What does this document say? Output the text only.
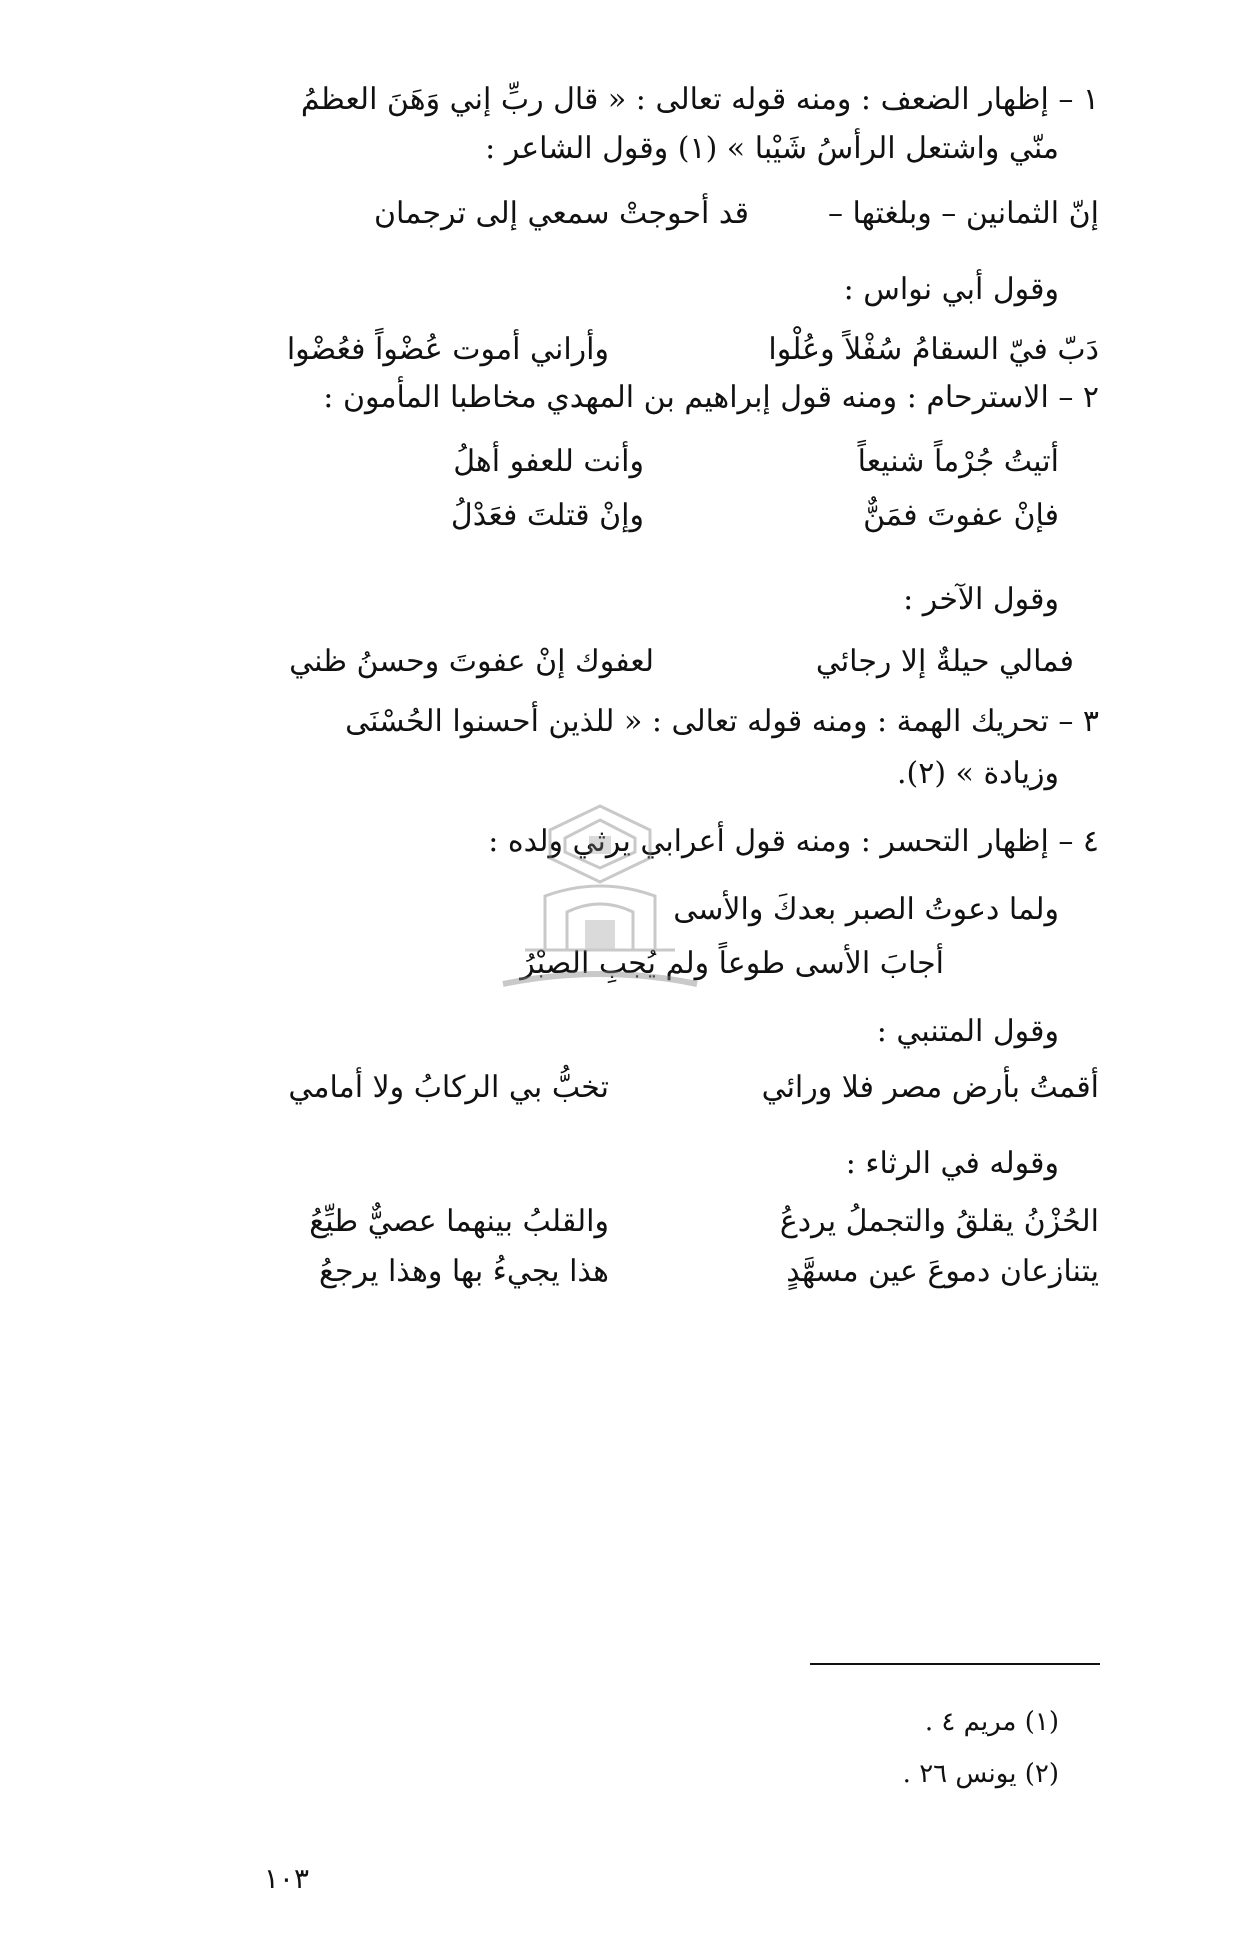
١ – إظهار الضعف : ومنه قوله تعالى : « قال ربِّ إني وَهَنَ العظمُ
منّي واشتعل الرأسُ شَيْبا » (١) وقول الشاعر :
إنّ الثمانين – وبلغتها –
قد أحوجتْ سمعي إلى ترجمان
وقول أبي نواس :
دَبّ فيّ السقامُ سُفْلاً وعُلْوا
وأراني أموت عُضْواً فعُضْوا
٢ – الاسترحام : ومنه قول إبراهيم بن المهدي مخاطبا المأمون :
أتيتُ جُرْماً شنيعاً
وأنت للعفو أهلُ
فإنْ عفوتَ فمَنٌّ
وإنْ قتلتَ فعَدْلُ
وقول الآخر :
فمالي حيلةٌ إلا رجائي
لعفوك إنْ عفوتَ وحسنُ ظني
٣ – تحريك الهمة : ومنه قوله تعالى : « للذين أحسنوا الحُسْنَى
وزيادة » (٢).
٤ – إظهار التحسر : ومنه قول أعرابي يرثي ولده :
ولما دعوتُ الصبر بعدكَ والأسى
أجابَ الأسى طوعاً ولم يُجبِ الصبْرُ
وقول المتنبي :
أقمتُ بأرض مصر فلا ورائي
تخبُّ بي الركابُ ولا أمامي
وقوله في الرثاء :
الحُزْنُ يقلقُ والتجملُ يردعُ
والقلبُ بينهما عصيٌّ طيِّعُ
يتنازعان دموعَ عين مسهَّدٍ
هذا يجيءُ بها وهذا يرجعُ
(١) مريم ٤ .
(٢) يونس ٢٦ .
١٠٣
